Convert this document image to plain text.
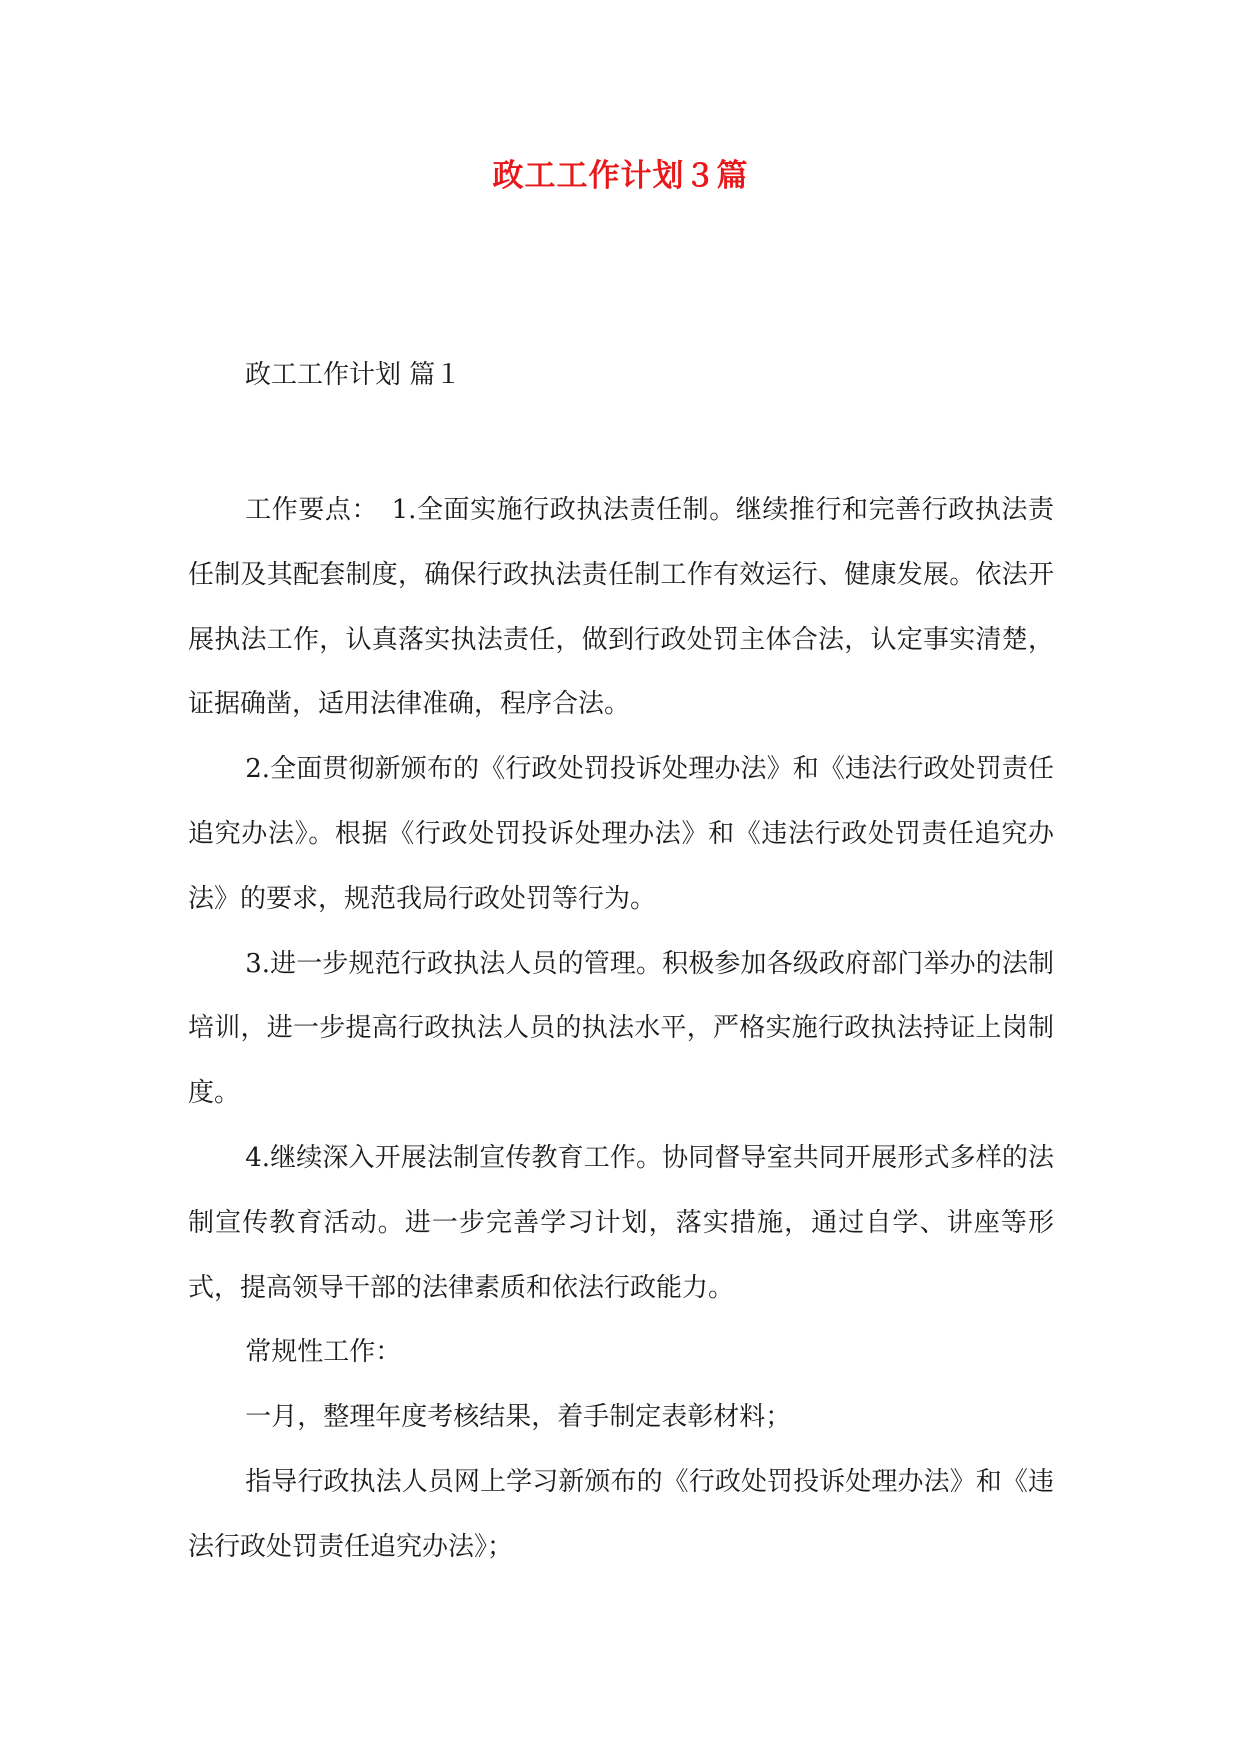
政工工作计划３篇
政工工作计划 篇１

工作要点：　1.全面实施行政执法责任制。继续推行和完善行政执法责任制及其配套制度，确保行政执法责任制工作有效运行、健康发展。依法开展执法工作，认真落实执法责任，做到行政处罚主体合法，认定事实清楚，证据确凿，适用法律准确，程序合法。

2.全面贯彻新颁布的《行政处罚投诉处理办法》和《违法行政处罚责任追究办法》。根据《行政处罚投诉处理办法》和《违法行政处罚责任追究办法》的要求，规范我局行政处罚等行为。

3.进一步规范行政执法人员的管理。积极参加各级政府部门举办的法制培训，进一步提高行政执法人员的执法水平，严格实施行政执法持证上岗制度。

4.继续深入开展法制宣传教育工作。协同督导室共同开展形式多样的法制宣传教育活动。进一步完善学习计划，落实措施，通过自学、讲座等形式，提高领导干部的法律素质和依法行政能力。

常规性工作：

一月，整理年度考核结果，着手制定表彰材料；

指导行政执法人员网上学习新颁布的《行政处罚投诉处理办法》和《违法行政处罚责任追究办法》；
